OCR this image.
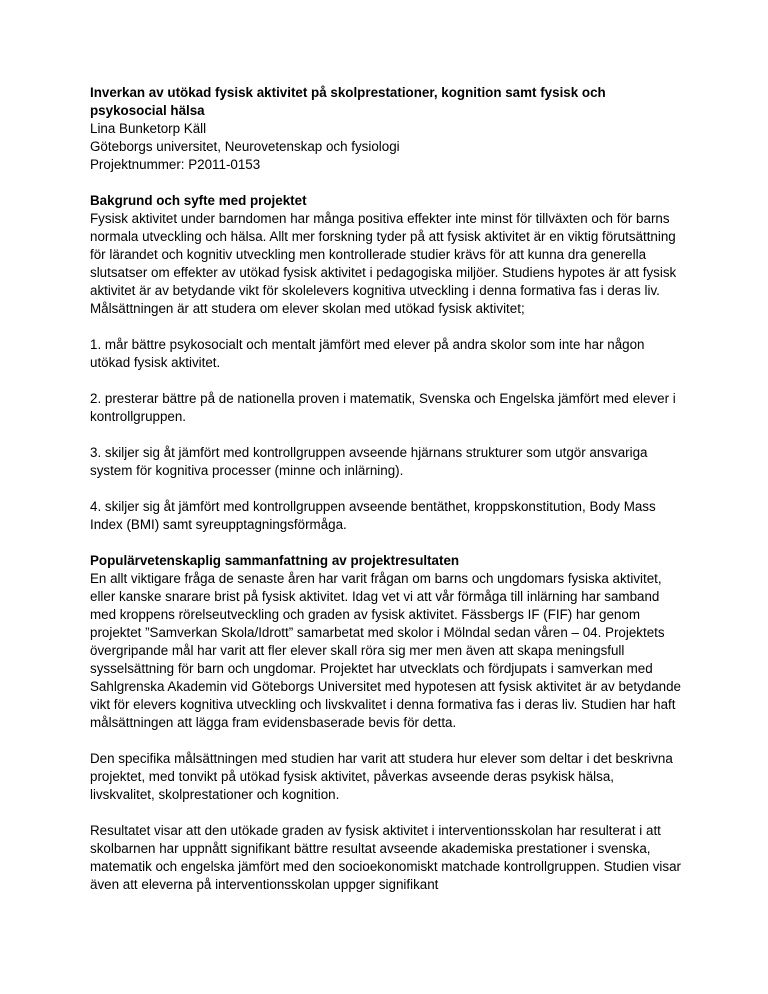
Inverkan av utökad fysisk aktivitet på skolprestationer, kognition samt fysisk och psykosocial hälsa

Lina Bunketorp Käll

Göteborgs universitet, Neurovetenskap och fysiologi

Projektnummer: P2011-0153

Bakgrund och syfte med projektet

Fysisk aktivitet under barndomen har många positiva effekter inte minst för tillväxten och för barns normala utveckling och hälsa. Allt mer forskning tyder på att fysisk aktivitet är en viktig förutsättning för lärandet och kognitiv utveckling men kontrollerade studier krävs för att kunna dra generella slutsatser om effekter av utökad fysisk aktivitet i pedagogiska miljöer. Studiens hypotes är att fysisk aktivitet är av betydande vikt för skolelevers kognitiva utveckling i denna formativa fas i deras liv. Målsättningen är att studera om elever skolan med utökad fysisk aktivitet;

1. mår bättre psykosocialt och mentalt jämfört med elever på andra skolor som inte har någon utökad fysisk aktivitet.

2. presterar bättre på de nationella proven i matematik, Svenska och Engelska jämfört med elever i kontrollgruppen.

3. skiljer sig åt jämfört med kontrollgruppen avseende hjärnans strukturer som utgör ansvariga system för kognitiva processer (minne och inlärning).

4. skiljer sig åt jämfört med kontrollgruppen avseende bentäthet, kroppskonstitution, Body Mass Index (BMI) samt syreupptagningsförmåga.

Populärvetenskaplig sammanfattning av projektresultaten

En allt viktigare fråga de senaste åren har varit frågan om barns och ungdomars fysiska aktivitet, eller kanske snarare brist på fysisk aktivitet. Idag vet vi att vår förmåga till inlärning har samband med kroppens rörelseutveckling och graden av fysisk aktivitet. Fässbergs IF (FIF) har genom projektet ”Samverkan Skola/Idrott” samarbetat med skolor i Mölndal sedan våren – 04. Projektets övergripande mål har varit att fler elever skall röra sig mer men även att skapa meningsfull sysselsättning för barn och ungdomar. Projektet har utvecklats och fördjupats i samverkan med Sahlgrenska Akademin vid Göteborgs Universitet med hypotesen att fysisk aktivitet är av betydande vikt för elevers kognitiva utveckling och livskvalitet i denna formativa fas i deras liv. Studien har haft målsättningen att lägga fram evidensbaserade bevis för detta.

Den specifika målsättningen med studien har varit att studera hur elever som deltar i det beskrivna projektet, med tonvikt på utökad fysisk aktivitet, påverkas avseende deras psykisk hälsa, livskvalitet, skolprestationer och kognition.

Resultatet visar att den utökade graden av fysisk aktivitet i interventionsskolan har resulterat i att skolbarnen har uppnått signifikant bättre resultat avseende akademiska prestationer i svenska, matematik och engelska jämfört med den socioekonomiskt matchade kontrollgruppen. Studien visar även att eleverna på interventionsskolan uppger signifikant
